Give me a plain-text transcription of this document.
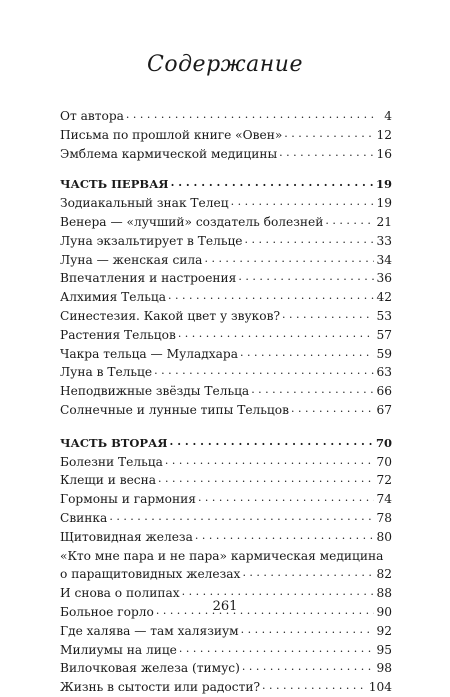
Содержание
От автора . . .	4
Письма по прошлой книге «Овен» . . .	12
Эмблема кармической медицины . . .	16
ЧАСТЬ ПЕРВАЯ . . .	19
Зодиакальный знак Телец . . .	19
Венера — «лучший» создатель болезней . . .	21
Луна экзальтирует в Тельце . . .	33
Луна — женская сила . . .	34
Впечатления и настроения . . .	36
Алхимия Тельца . . .	42
Синестезия. Какой цвет у звуков? . . .	53
Растения Тельцов . . .	57
Чакра тельца — Муладхара . . .	59
Луна в Тельце . . .	63
Неподвижные звёзды Тельца . . .	66
Солнечные и лунные типы Тельцов . . .	67
ЧАСТЬ ВТОРАЯ . . .	70
Болезни Тельца . . .	70
Клещи и весна . . .	72
Гормоны и гармония . . .	74
Свинка . . .	78
Щитовидная железа . . .	80
«Кто мне пара и не пара» кармическая медицина
о паращитовидных железах . . .	82
И снова о полипах . . .	88
Больное горло . . .	90
Где халява — там халязиум . . .	92
Милиумы на лице . . .	95
Вилочковая железа (тимус) . . .	98
Жизнь в сытости или радости? . . .	104
261
